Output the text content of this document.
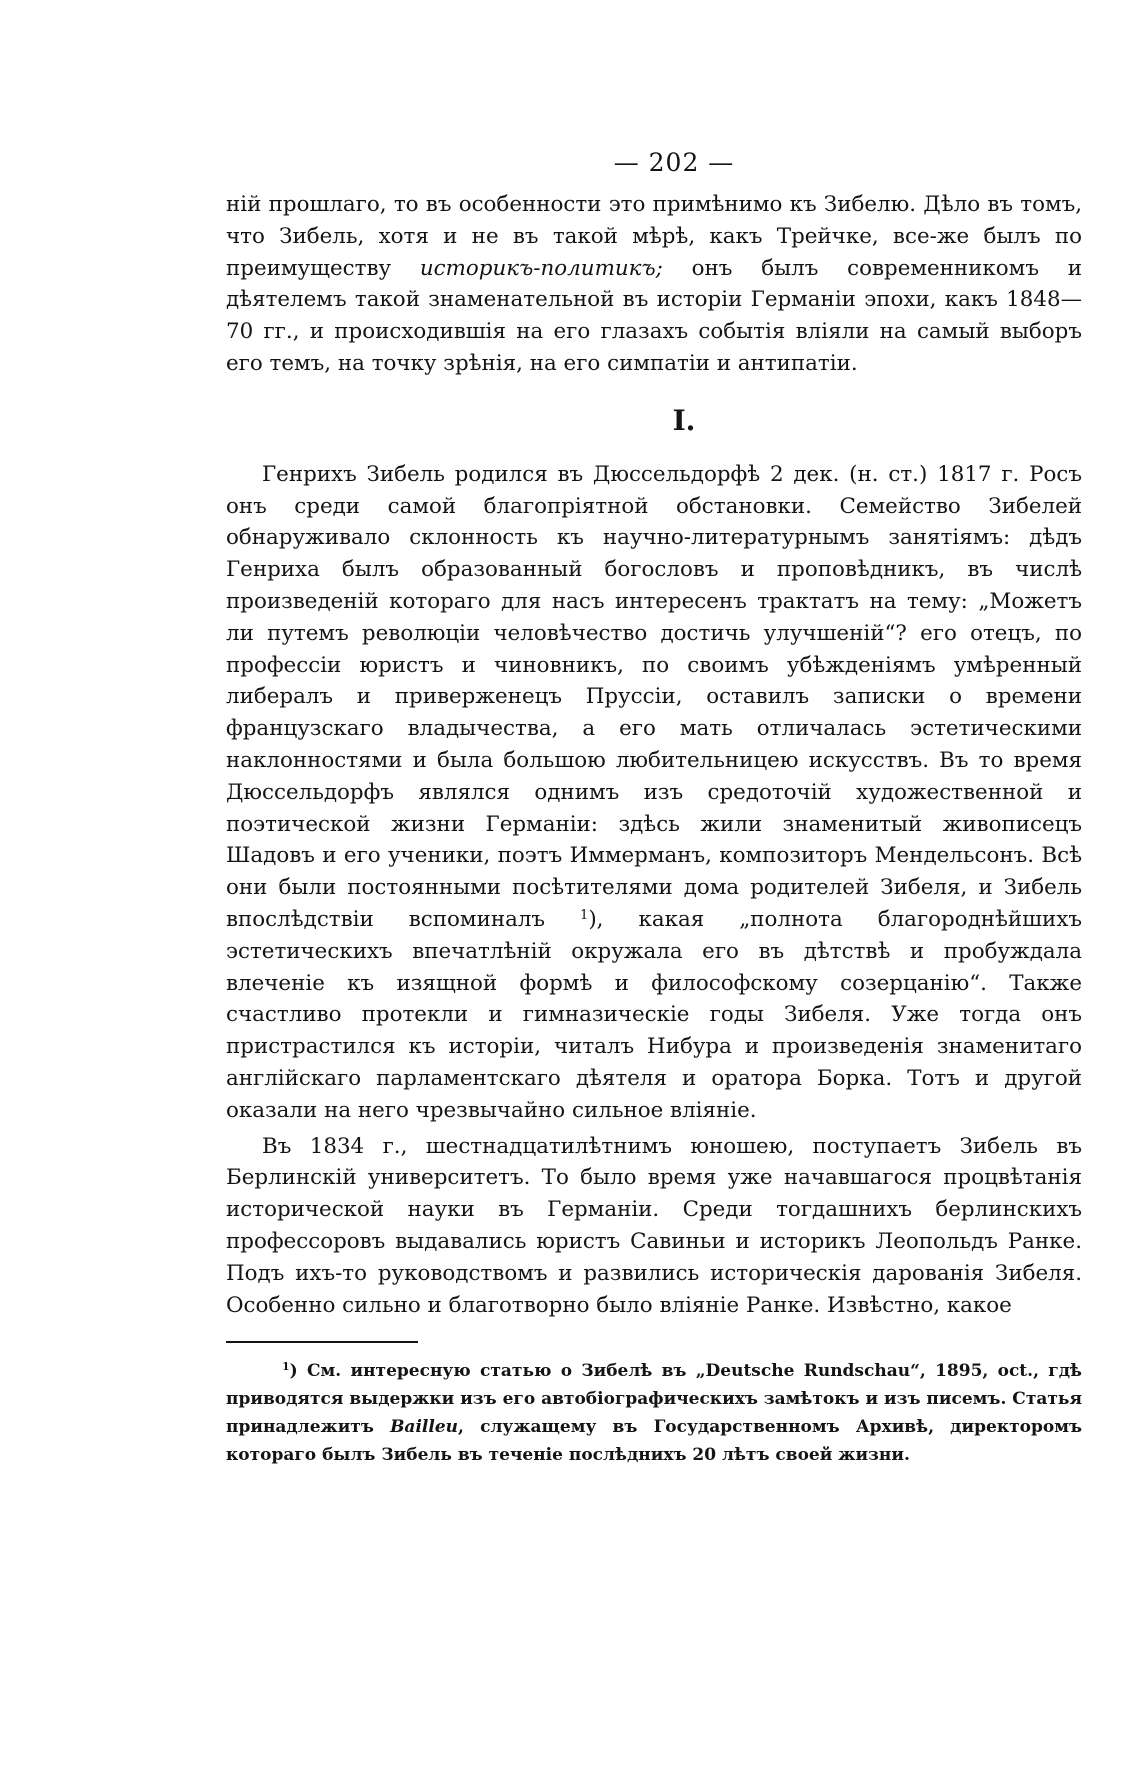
— 202 —

ній прошлаго, то въ особенности это примѣнимо къ Зибелю. Дѣло въ томъ, что Зибель, хотя и не въ такой мѣрѣ, какъ Трейчке, все-же былъ по преимуществу историкъ-политикъ; онъ былъ современникомъ и дѣятелемъ такой знаменательной въ исторіи Германіи эпохи, какъ 1848—70 гг., и происходившія на его глазахъ событія вліяли на самый выборъ его темъ, на точку зрѣнія, на его симпатіи и антипатіи.

I.

Генрихъ Зибель родился въ Дюссельдорфѣ 2 дек. (н. ст.) 1817 г. Росъ онъ среди самой благопріятной обстановки. Семейство Зибелей обнаруживало склонность къ научно-литературнымъ занятіямъ: дѣдъ Генриха былъ образованный богословъ и проповѣдникъ, въ числѣ произведеній котораго для насъ интересенъ трактатъ на тему: „Можетъ ли путемъ революціи человѣчество достичь улучшеній“? его отецъ, по профессіи юристъ и чиновникъ, по своимъ убѣжденіямъ умѣренный либералъ и приверженецъ Пруссіи, оставилъ записки о времени французскаго владычества, а его мать отличалась эстетическими наклонностями и была большою любительницею искусствъ. Въ то время Дюссельдорфъ являлся однимъ изъ средоточій художественной и поэтической жизни Германіи: здѣсь жили знаменитый живописецъ Шадовъ и его ученики, поэтъ Иммерманъ, композиторъ Мендельсонъ. Всѣ они были постоянными посѣтителями дома родителей Зибеля, и Зибель впослѣдствіи вспоминалъ $^1$), какая „полнота благороднѣйшихъ эстетическихъ впечатлѣній окружала его въ дѣтствѣ и пробуждала влеченіе къ изящной формѣ и философскому созерцанію“. Также счастливо протекли и гимназическіе годы Зибеля. Уже тогда онъ пристрастился къ исторіи, читалъ Нибура и произведенія знаменитаго англійскаго парламентскаго дѣятеля и оратора Борка. Тотъ и другой оказали на него чрезвычайно сильное вліяніе.

Въ 1834 г., шестнадцатилѣтнимъ юношею, поступаетъ Зибель въ Берлинскій университетъ. То было время уже начавшагося процвѣтанія исторической науки въ Германіи. Среди тогдашнихъ берлинскихъ профессоровъ выдавались юристъ Савиньи и историкъ Леопольдъ Ранке. Подъ ихъ-то руководствомъ и развились историческія дарованія Зибеля. Особенно сильно и благотворно было вліяніе Ранке. Извѣстно, какое

$^1$) См. интересную статью о Зибелѣ въ „Deutsche Rundschau“, 1895, oct., гдѣ приводятся выдержки изъ его автобіографическихъ замѣтокъ и изъ писемъ. Статья принадлежитъ Bailleu, служащему въ Государственномъ Архивѣ, директоромъ котораго былъ Зибель въ теченіе послѣднихъ 20 лѣтъ своей жизни.
